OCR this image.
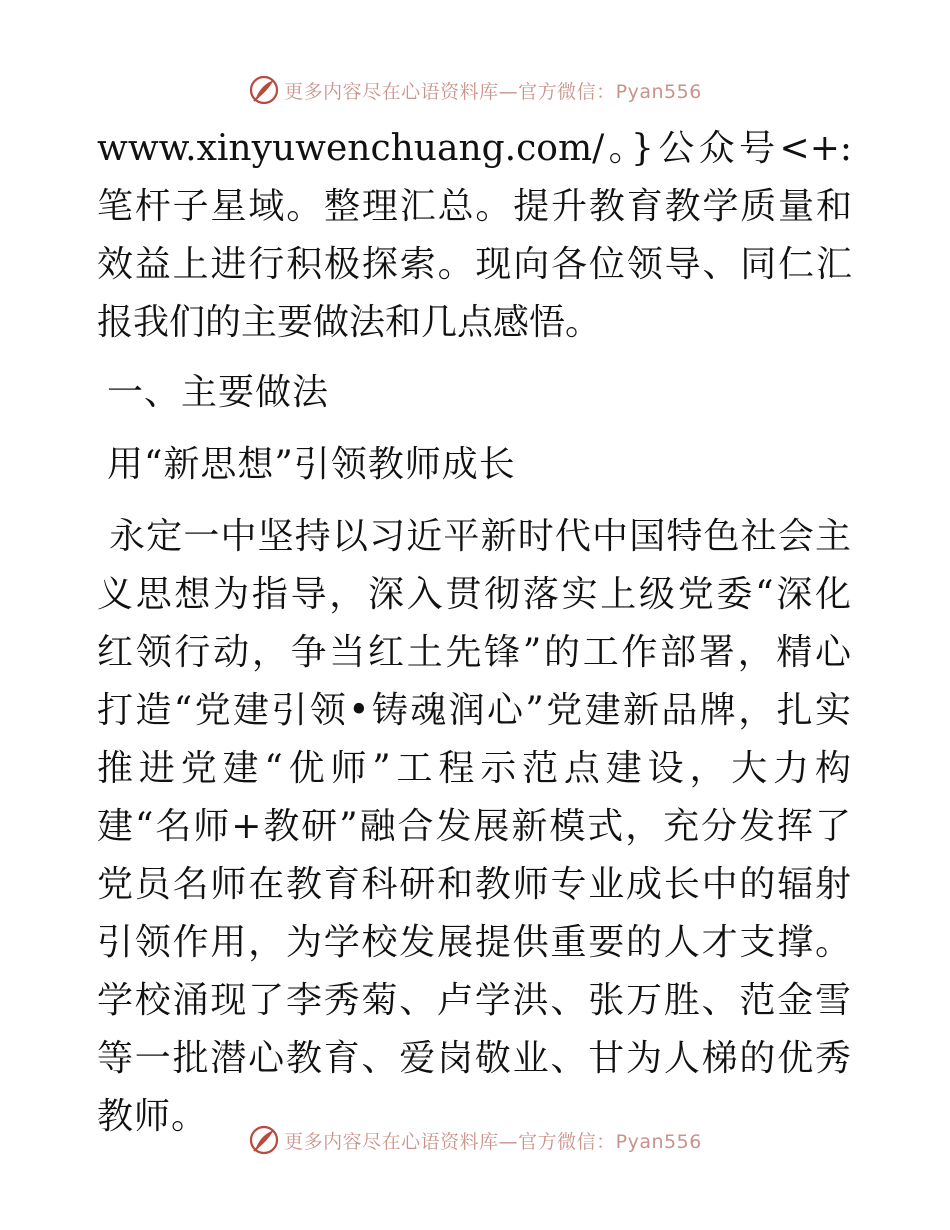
更多内容尽在心语资料库—官方微信：Pyan556

www.xinyuwenchuang.com/。}公众号<+: 笔杆子星域。整理汇总。提升教育教学质量和效益上进行积极探索。现向各位领导、同仁汇报我们的主要做法和几点感悟。

一、主要做法
用“新思想”引领教师成长

永定一中坚持以习近平新时代中国特色社会主义思想为指导，深入贯彻落实上级党委“深化红领行动，争当红土先锋”的工作部署，精心打造“党建引领•铸魂润心”党建新品牌，扎实推进党建“优师”工程示范点建设，大力构建“名师+教研”融合发展新模式，充分发挥了党员名师在教育科研和教师专业成长中的辐射引领作用，为学校发展提供重要的人才支撑。学校涌现了李秀菊、卢学洪、张万胜、范金雪等一批潜心教育、爱岗敬业、甘为人梯的优秀教师。

更多内容尽在心语资料库—官方微信：Pyan556
